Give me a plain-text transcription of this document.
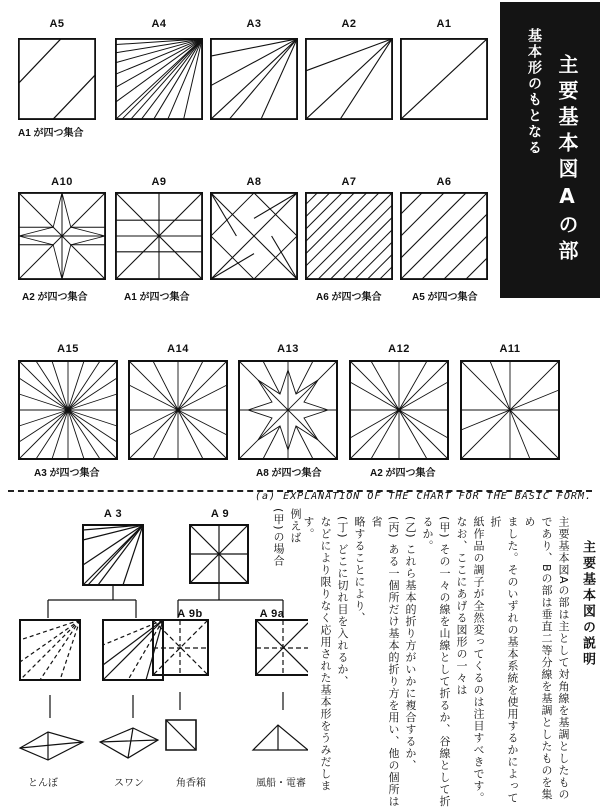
基本形のもとなる 主要基本図Aの部
A5	A4	A3	A2	A1
A1 が四つ集合
A10	A9	A8	A7	A6
A2 が四つ集合	A1 が四つ集合	A6 が四つ集合	A5 が四つ集合
A15	A14	A13	A12	A11
A3 が四つ集合	A8 が四つ集合	A2 が四つ集合
(a) EXPLANATION OF THE CHART FOR THE BASIC FORM.
A 3	A 9
A 9b	A 9a
とんぼ	スワン	角香箱	風船・電審

例えば

(甲)の場合

主要基本図の説明

主要基本図Aの部は主として対角線を基調としたもの

であり、Bの部は垂直二等分線を基調としたものを集め

ました。そのいずれの基本系統を使用するかによって折

紙作品の調子が全然変ってくるのは注目すべきです。

なお、ここにあげる図形の一々は

(甲) その一々の線を山線として折るか、谷線として折

るか。

(乙) これら基本的折り方がいかに複合するか、

(丙) ある一個所だけ基本的折り方を用い、他の個所は省

略することにより、

(丁) どこに切れ目を入れるか、

などにより限りなく応用された基本形をうみだします。
